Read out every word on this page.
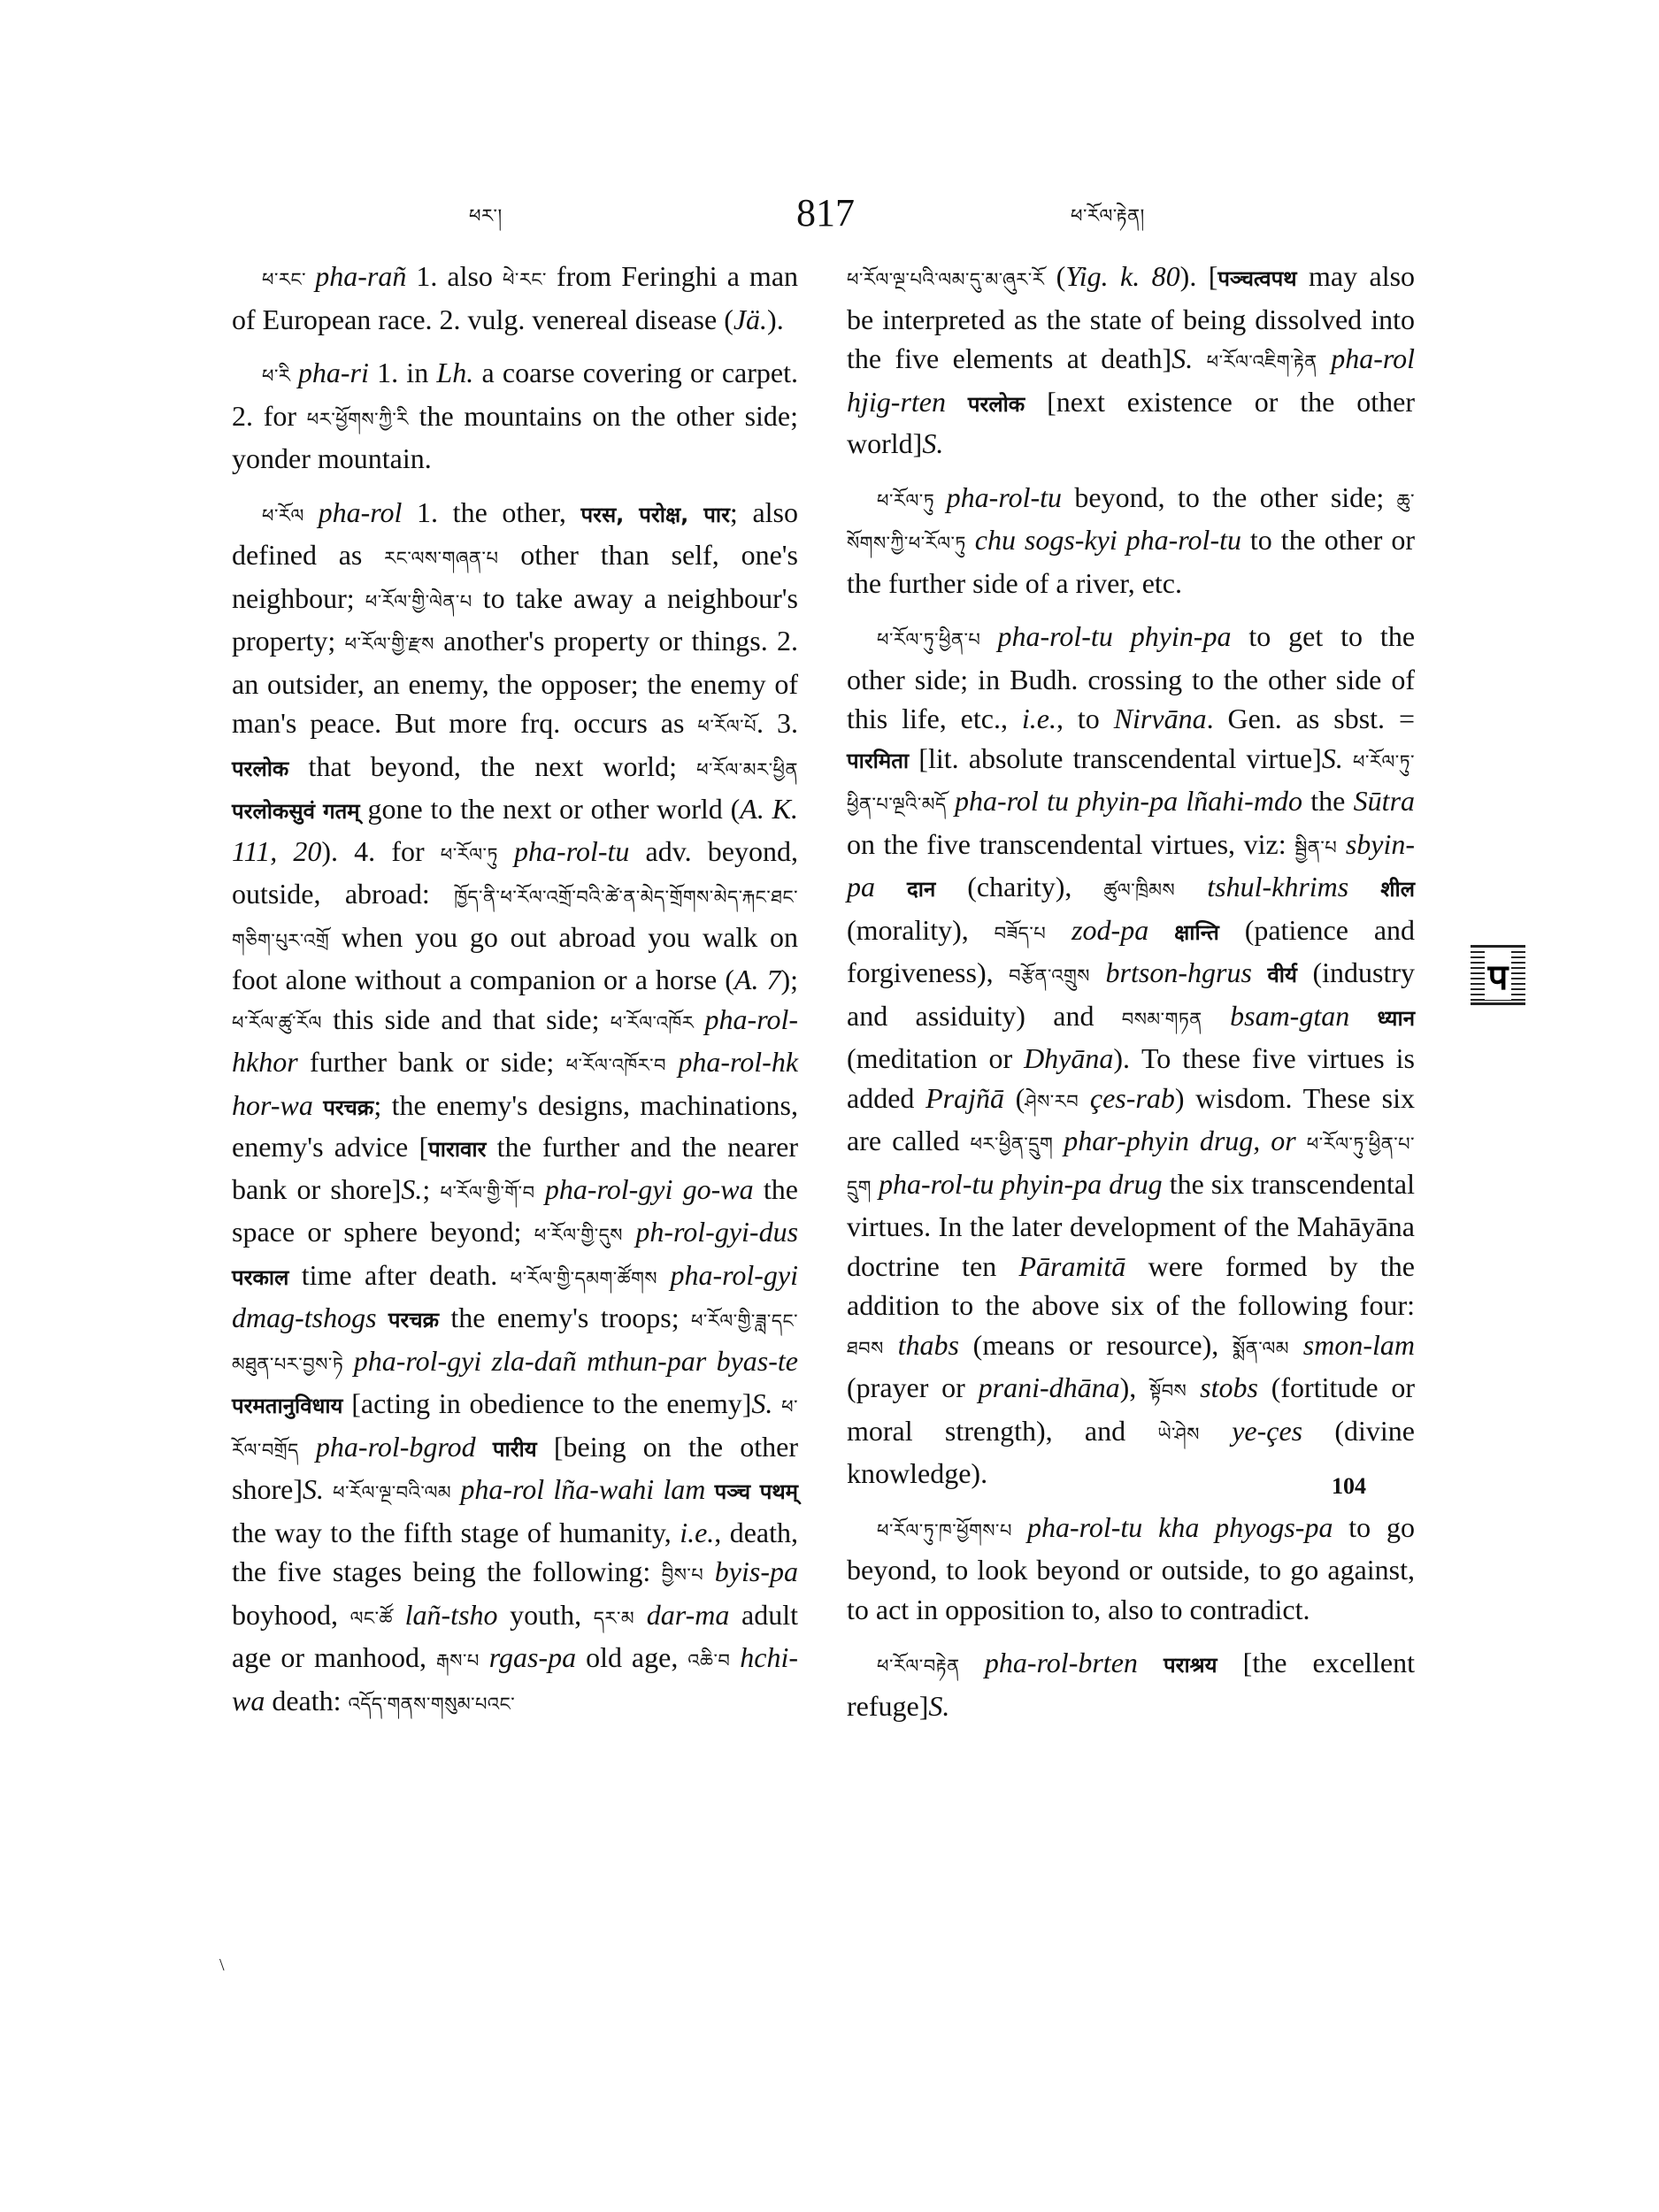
ཕར་།	817	ཕ་རོལ་རྟེན།

ཕ་རང་ pha-rañ 1. also ཕེ་རང་ from Feringhi a man of European race. 2. vulg. venereal disease (Jä.).

ཕ་རི pha-ri 1. in Lh. a coarse covering or carpet. 2. for ཕར་ཕྱོགས་ཀྱི་རི the mountains on the other side; yonder mountain.

ཕ་རོལ pha-rol 1. the other, परस, परोक्ष, पार; also defined as རང་ལས་གཞན་པ other than self, one's neighbour; ཕ་རོལ་གྱི་ལེན་པ to take away a neighbour's property; ཕ་རོལ་གྱི་རྫས another's property or things. 2. an outsider, an enemy, the opposer; the enemy of man's peace. But more frq. occurs as ཕ་རོལ་པོ. 3. परलोक that beyond, the next world; ཕ་རོལ་མར་ཕྱིན परलोकसुवं गतम् gone to the next or other world (A. K. 111, 20). 4. for ཕ་རོལ་ཏུ pha-rol-tu adv. beyond, outside, abroad: ཁྱོད་ནི་ཕ་རོལ་འགྲོ་བའི་ཚེ་ན་མེད་གྲོགས་མེད་རྐང་ཐང་གཅིག་པུར་འགྲོ when you go out abroad you walk on foot alone without a companion or a horse (A. 7); ཕ་རོལ་ཚུ་རོལ this side and that side; ཕ་རོལ་འཁོར pha-rol-hkhor further bank or side; ཕ་རོལ་འཁོར་བ pha-rol-hk hor-wa परचक्र; the enemy's designs, machinations, enemy's advice [पारावार the further and the nearer bank or shore]S.; ཕ་རོལ་གྱི་གོ་བ pha-rol-gyi go-wa the space or sphere beyond; ཕ་རོལ་གྱི་དུས ph-rol-gyi-dus परकाल time after death. ཕ་རོལ་གྱི་དམག་ཚོགས pha-rol-gyi dmag-tshogs परचक्र the enemy's troops; ཕ་རོལ་གྱི་ཟླ་དང་མཐུན་པར་བྱས་ཏེ pha-rol-gyi zla-dañ mthun-par byas-te परमतानुविधाय [acting in obedience to the enemy]S. ཕ་རོལ་བགྲོད pha-rol-bgrod पारीय [being on the other shore]S. ཕ་རོལ་ལྔ་བའི་ལམ pha-rol lña-wahi lam पञ्च पथम् the way to the fifth stage of humanity, i.e., death, the five stages being the following: བྱིས་པ byis-pa boyhood, ལང་ཚོ lañ-tsho youth, དར་མ dar-ma adult age or manhood, རྒས་པ rgas-pa old age, འཆི་བ hchi-wa death: འདོད་གནས་གསུམ་པའང་

ཕ་རོལ་ལྔ་པའི་ལམ་དུ་མ་ཞུར་རོ (Yig. k. 80). [पञ्चत्वपथ may also be interpreted as the state of being dissolved into the five elements at death]S. ཕ་རོལ་འཇིག་རྟེན pha-rol hjig-rten परलोक [next existence or the other world]S.

ཕ་རོལ་ཏུ pha-rol-tu beyond, to the other side; ཆུ་སོགས་ཀྱི་ཕ་རོལ་ཏུ chu sogs-kyi pha-rol-tu to the other or the further side of a river, etc.

ཕ་རོལ་ཏུ་ཕྱིན་པ pha-rol-tu phyin-pa to get to the other side; in Budh. crossing to the other side of this life, etc., i.e., to Nirvāna. Gen. as sbst. = पारमिता [lit. absolute transcendental virtue]S. ཕ་རོལ་ཏུ་ཕྱིན་པ་ལྔའི་མདོ pha-rol tu phyin-pa lñahi-mdo the Sūtra on the five transcendental virtues, viz: སྦྱིན་པ sbyin-pa दान (charity), ཚུལ་ཁྲིམས tshul-khrims शील (morality), བཟོད་པ zod-pa क्षान्ति (patience and forgiveness), བརྩོན་འགྲུས brtson-hgrus वीर्य (industry and assiduity) and བསམ་གཏན bsam-gtan ध्यान (meditation or Dhyāna). To these five virtues is added Prajñā (ཤེས་རབ çes-rab) wisdom. These six are called ཕར་ཕྱིན་དྲུག phar-phyin drug, or ཕ་རོལ་ཏུ་ཕྱིན་པ་དྲུག pha-rol-tu phyin-pa drug the six transcendental virtues. In the later development of the Mahāyāna doctrine ten Pāramitā were formed by the addition to the above six of the following four: ཐབས thabs (means or resource), སྨོན་ལམ smon-lam (prayer or prani-dhāna), སྟོབས stobs (fortitude or moral strength), and ཡེ་ཤེས ye-çes (divine knowledge).

ཕ་རོལ་ཏུ་ཁ་ཕྱོགས་པ pha-rol-tu kha phyogs-pa to go beyond, to look beyond or outside, to go against, to act in opposition to, also to contradict.

ཕ་རོལ་བརྟེན pha-rol-brten पराश्रय [the excellent refuge]S.

प
104
\
